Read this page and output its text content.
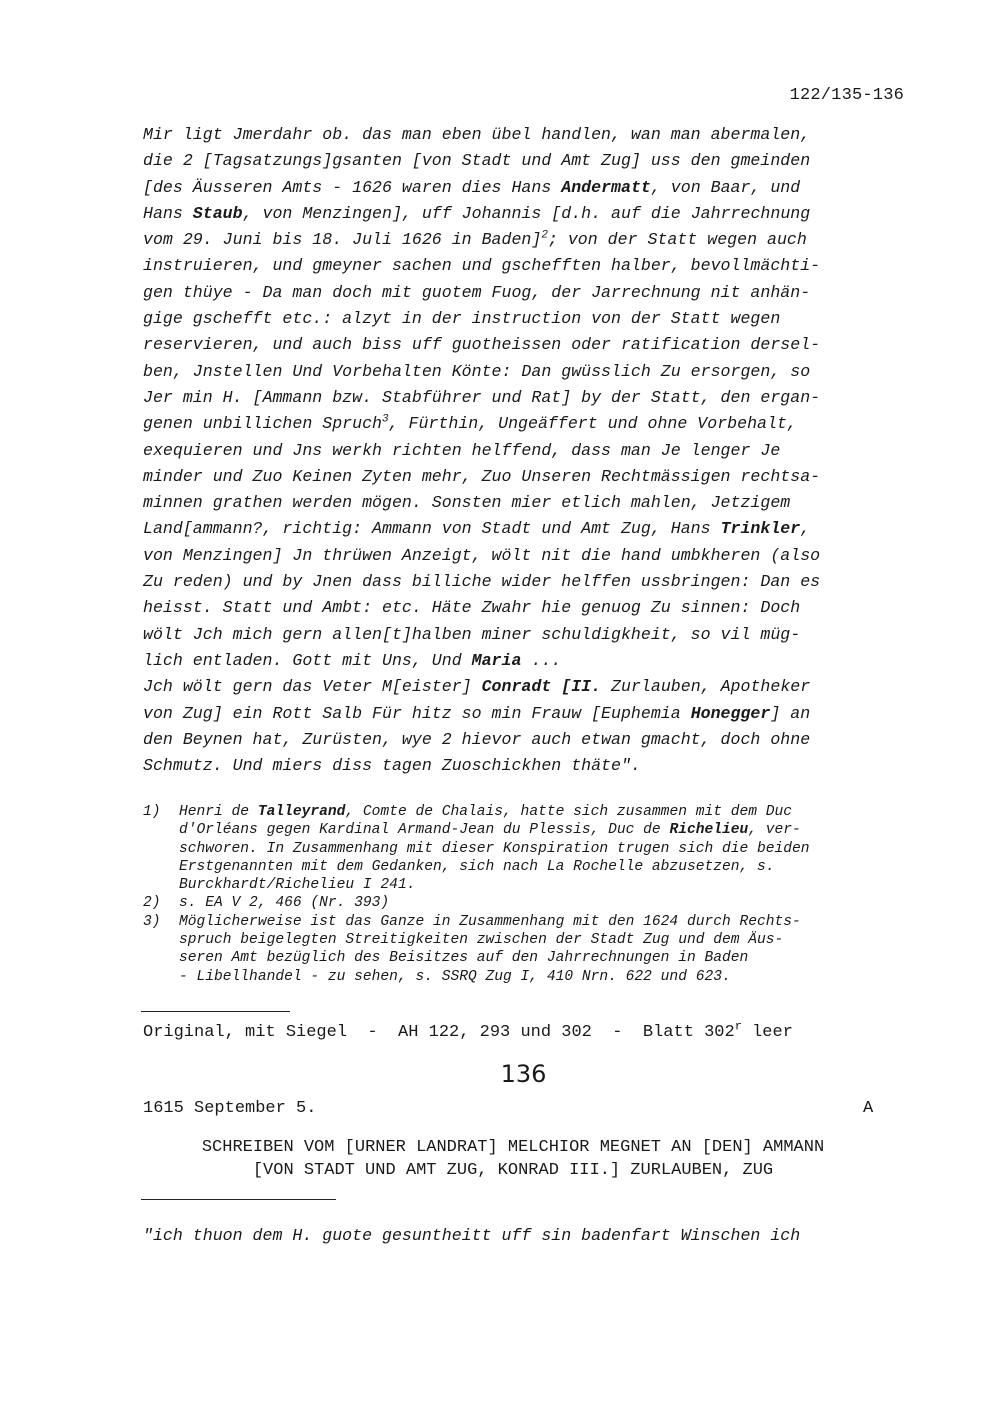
122/135-136
Mir ligt Jmerdahr ob. das man eben übel handlen, wan man abermalen,
die 2 [Tagsatzungs]gsanten [von Stadt und Amt Zug] uss den gmeinden
[des Äusseren Amts - 1626 waren dies Hans Andermatt, von Baar, und
Hans Staub, von Menzingen], uff Johannis [d.h. auf die Jahrrechnung
vom 29. Juni bis 18. Juli 1626 in Baden]$^2$; von der Statt wegen auch
instruieren, und gmeyner sachen und gschefften halber, bevollmächti-
gen thüye - Da man doch mit guotem Fuog, der Jarrechnung nit anhän-
gige gschefft etc.: alzyt in der instruction von der Statt wegen
reservieren, und auch biss uff guotheissen oder ratification dersel-
ben, Jnstellen Und Vorbehalten Könte: Dan gwüsslich Zu ersorgen, so
Jer min H. [Ammann bzw. Stabführer und Rat] by der Statt, den ergan-
genen unbillichen Spruch$^3$, Fürthin, Ungeäffert und ohne Vorbehalt,
exequieren und Jns werkh richten helffend, dass man Je lenger Je
minder und Zuo Keinen Zyten mehr, Zuo Unseren Rechtmässigen rechtsa-
minnen grathen werden mögen. Sonsten mier etlich mahlen, Jetzigem
Land[ammann?, richtig: Ammann von Stadt und Amt Zug, Hans Trinkler,
von Menzingen] Jn thrüwen Anzeigt, wölt nit die hand umbkheren (also
Zu reden) und by Jnen dass billiche wider helffen ussbringen: Dan es
heisst. Statt und Ambt: etc. Häte Zwahr hie genuog Zu sinnen: Doch
wölt Jch mich gern allen[t]halben miner schuldigkheit, so vil müg-
lich entladen. Gott mit Uns, Und Maria ...
Jch wölt gern das Veter M[eister] Conradt [II. Zurlauben, Apotheker
von Zug] ein Rott Salb Für hitz so min Frauw [Euphemia Honegger] an
den Beynen hat, Zurüsten, wye 2 hievor auch etwan gmacht, doch ohne
Schmutz. Und miers diss tagen Zuoschickhen thäte".
1)	Henri de Talleyrand, Comte de Chalais, hatte sich zusammen mit dem Duc
d'Orléans gegen Kardinal Armand-Jean du Plessis, Duc de Richelieu, ver-
schworen. In Zusammenhang mit dieser Konspiration trugen sich die beiden
Erstgenannten mit dem Gedanken, sich nach La Rochelle abzusetzen, s.
Burckhardt/Richelieu I 241.
2)	s. EA V 2, 466 (Nr. 393)
3)	Möglicherweise ist das Ganze in Zusammenhang mit den 1624 durch Rechts-
spruch beigelegten Streitigkeiten zwischen der Stadt Zug und dem Äus-
seren Amt bezüglich des Beisitzes auf den Jahrrechnungen in Baden
- Libellhandel - zu sehen, s. SSRQ Zug I, 410 Nrn. 622 und 623.
Original, mit Siegel  -  AH 122, 293 und 302  -  Blatt 302$^r$ leer
136
1615 September 5.	A
SCHREIBEN VOM [URNER LANDRAT] MELCHIOR MEGNET AN [DEN] AMMANN
[VON STADT UND AMT ZUG, KONRAD III.] ZURLAUBEN, ZUG
"ich thuon dem H. guote gesuntheitt uff sin badenfart Winschen ich
